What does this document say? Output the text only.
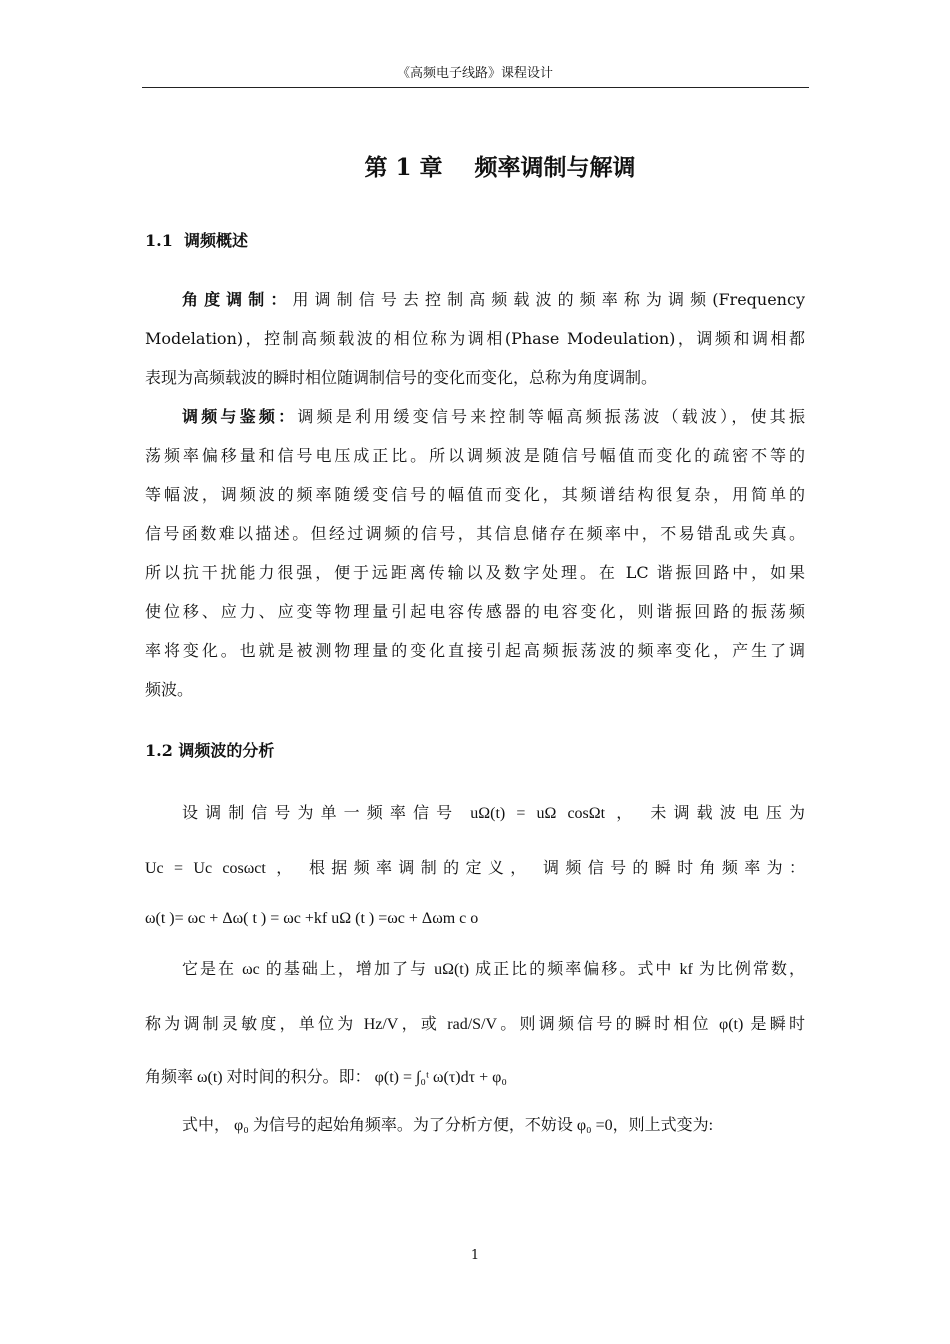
《高频电子线路》课程设计
第 1 章    频率调制与解调
1.1  调频概述
角度调制：用调制信号去控制高频载波的频率称为调频(Frequency
Modelation)，控制高频载波的相位称为调相(Phase Modeulation)，调频和调相都
表现为高频载波的瞬时相位随调制信号的变化而变化，总称为角度调制。
调频与鉴频：调频是利用缓变信号来控制等幅高频振荡波（载波），使其振
荡频率偏移量和信号电压成正比。所以调频波是随信号幅值而变化的疏密不等的
等幅波，调频波的频率随缓变信号的幅值而变化，其频谱结构很复杂，用简单的
信号函数难以描述。但经过调频的信号，其信息储存在频率中，不易错乱或失真。
所以抗干扰能力很强，便于远距离传输以及数字处理。在 LC 谐振回路中，如果
使位移、应力、应变等物理量引起电容传感器的电容变化，则谐振回路的振荡频
率将变化。也就是被测物理量的变化直接引起高频振荡波的频率变化，产生了调
频波。
1.2 调频波的分析
设调制信号为单一频率信号 uΩ(t) = uΩ cosΩt ， 未调载波电压为
Uc = Uc cosωct ， 根据频率调制的定义， 调频信号的瞬时角频率为：
ω(t )= ωc + Δω( t ) = ωc +kf uΩ (t ) =ωc + Δωm c o
它是在 ωc 的基础上，增加了与 uΩ(t) 成正比的频率偏移。式中 kf 为比例常数，
称为调制灵敏度，单位为 Hz/V，或 rad/S/V。则调频信号的瞬时相位 φ(t) 是瞬时
角频率 ω(t) 对时间的积分。即： φ(t) = ∫₀ᵗ ω(τ)dτ + φ₀
式中， φ₀ 为信号的起始角频率。为了分析方便，不妨设 φ₀ =0，则上式变为:
1
